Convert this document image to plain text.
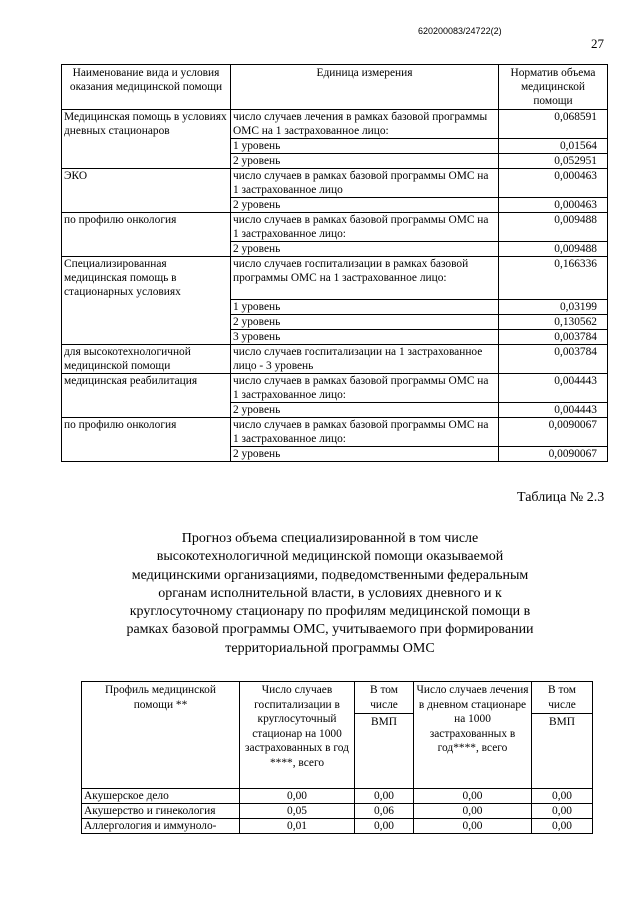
620200083/24722(2)
27
Наименование вида и условия оказания медицинской помощи	Единица измерения	Норматив объема медицинской помощи
Медицинская помощь в условиях дневных стационаров	число случаев лечения в рамках базовой программы ОМС на 1 застрахованное лицо:	0,068591
	1 уровень	0,01564
	2 уровень	0,052951
ЭКО	число случаев в рамках базовой программы ОМС на 1 застрахованное лицо	0,000463
	2 уровень	0,000463
по профилю онкология	число случаев в рамках базовой программы ОМС на 1 застрахованное лицо:	0,009488
	2 уровень	0,009488
Специализированная медицинская помощь в стационарных условиях	число случаев госпитализации в рамках базовой программы ОМС на 1 застрахованное лицо:	0,166336
	1 уровень	0,03199
	2 уровень	0,130562
	3 уровень	0,003784
для высокотехнологичной медицинской помощи	число случаев госпитализации на 1 застрахованное лицо - 3 уровень	0,003784
медицинская реабилитация	число случаев в рамках базовой программы ОМС на 1 застрахованное лицо:	0,004443
	2 уровень	0,004443
по профилю онкология	число случаев в рамках базовой программы ОМС на 1 застрахованное лицо:	0,0090067
	2 уровень	0,0090067
Таблица № 2.3
Прогноз объема специализированной в том числе высокотехнологичной медицинской помощи оказываемой медицинскими организациями, подведомственными федеральным органам исполнительной власти, в условиях дневного и к круглосуточному стационару по профилям медицинской помощи в рамках базовой программы ОМС, учитываемого при формировании территориальной программы ОМС
Профиль медицинской помощи **	Число случаев госпитализации в круглосуточный стационар на 1000 застрахованных в год ****, всего	В том числе	Число случаев лечения в дневном стационаре на 1000 застрахованных в год****, всего	В том числе
		ВМП		ВМП
Акушерское дело	0,00	0,00	0,00	0,00
Акушерство и гинекология	0,05	0,06	0,00	0,00
Аллергология и иммуноло-	0,01	0,00	0,00	0,00
